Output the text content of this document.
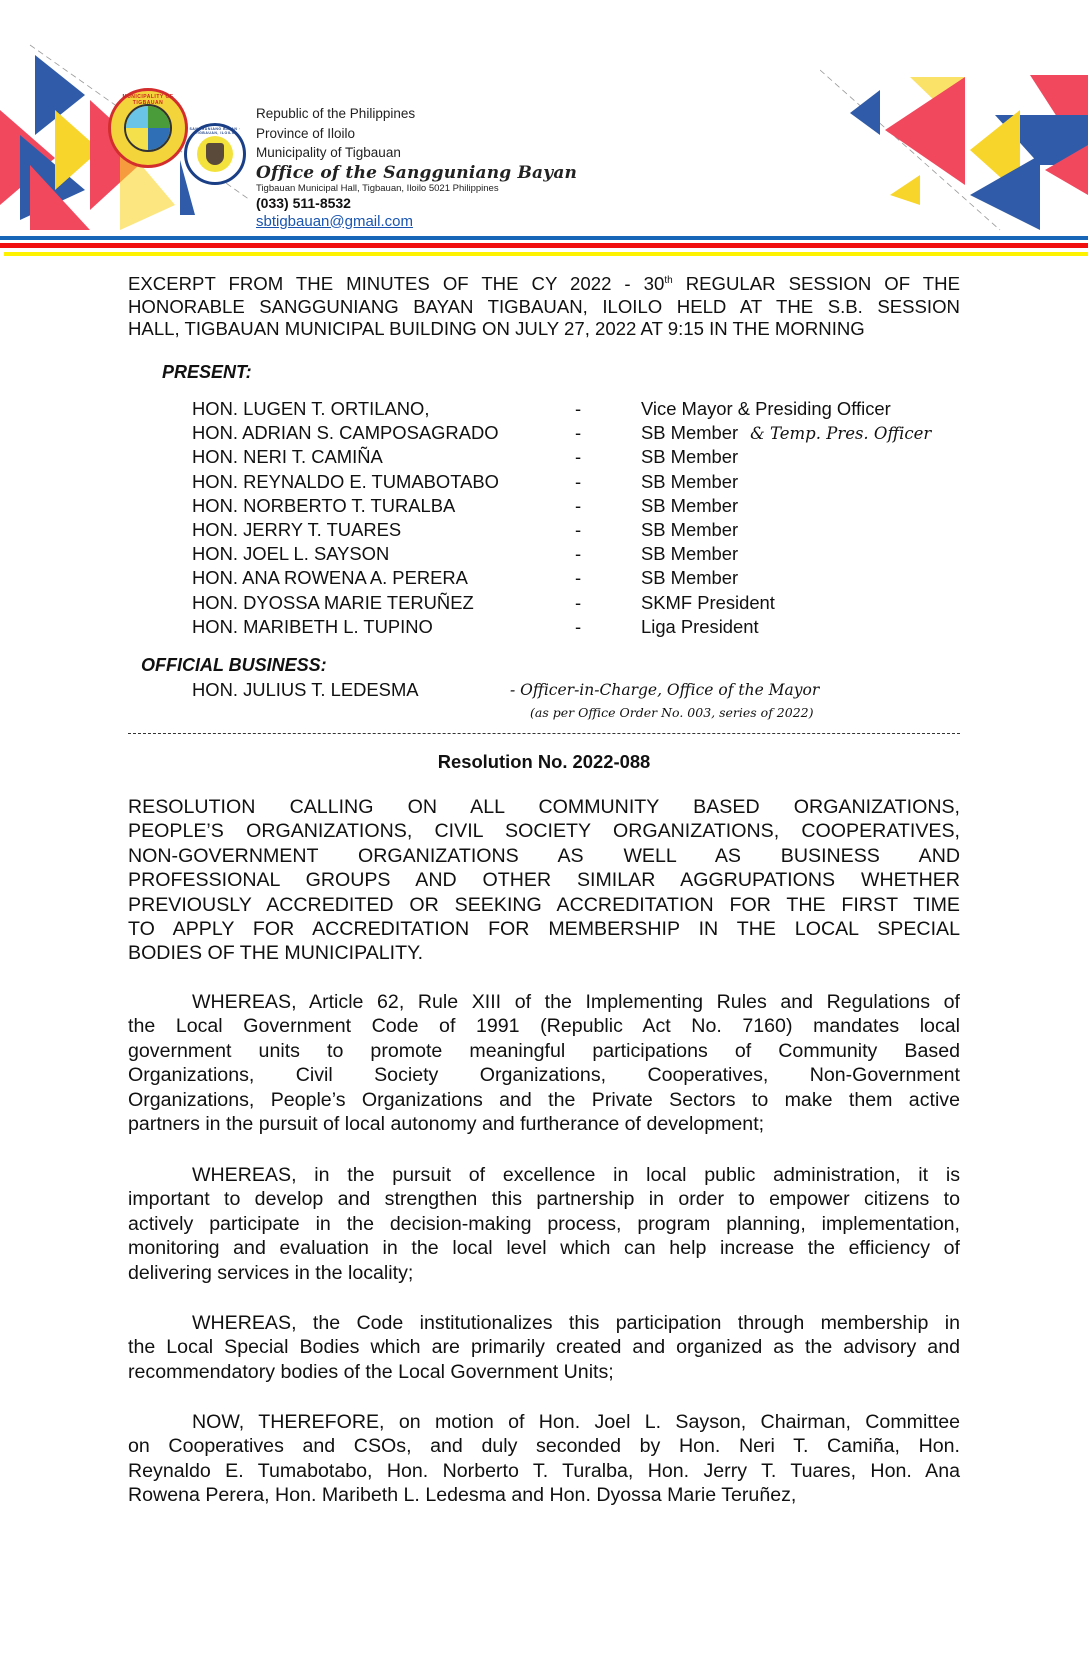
MUNICIPALITY OF TIGBAUAN
SANGGUNIANG BAYAN · TIGBAUAN, ILOILO
Republic of the Philippines
Province of Iloilo
Municipality of Tigbauan
Office of the Sangguniang Bayan
Tigbauan Municipal Hall, Tigbauan, Iloilo 5021 Philippines
(033) 511-8532
sbtigbauan@gmail.com
EXCERPT FROM THE MINUTES OF THE CY 2022 - 30th REGULAR SESSION OF THE
HONORABLE SANGGUNIANG BAYAN TIGBAUAN, ILOILO HELD AT THE S.B. SESSION
HALL, TIGBAUAN MUNICIPAL BUILDING ON JULY 27, 2022 AT 9:15 IN THE MORNING
PRESENT:
HON. LUGEN T. ORTILANO,	-	Vice Mayor & Presiding Officer
HON. ADRIAN S. CAMPOSAGRADO	-	SB Member & Temp. Pres. Officer
HON. NERI T. CAMIÑA	-	SB Member
HON. REYNALDO E. TUMABOTABO	-	SB Member
HON. NORBERTO T. TURALBA	-	SB Member
HON. JERRY T. TUARES	-	SB Member
HON. JOEL L. SAYSON	-	SB Member
HON. ANA ROWENA A. PERERA	-	SB Member
HON. DYOSSA MARIE TERUÑEZ	-	SKMF President
HON. MARIBETH L. TUPINO	-	Liga President
OFFICIAL BUSINESS:
HON. JULIUS T. LEDESMA	- Officer-in-Charge, Office of the Mayor
(as per Office Order No. 003, series of 2022)
Resolution No. 2022-088
RESOLUTION CALLING ON ALL COMMUNITY BASED ORGANIZATIONS,
PEOPLE’S ORGANIZATIONS, CIVIL SOCIETY ORGANIZATIONS, COOPERATIVES,
NON-GOVERNMENT ORGANIZATIONS AS WELL AS BUSINESS AND
PROFESSIONAL GROUPS AND OTHER SIMILAR AGGRUPATIONS WHETHER
PREVIOUSLY ACCREDITED OR SEEKING ACCREDITATION FOR THE FIRST TIME
TO APPLY FOR ACCREDITATION FOR MEMBERSHIP IN THE LOCAL SPECIAL
BODIES OF THE MUNICIPALITY.
WHEREAS, Article 62, Rule XIII of the Implementing Rules and Regulations of
the Local Government Code of 1991 (Republic Act No. 7160) mandates local
government units to promote meaningful participations of Community Based
Organizations, Civil Society Organizations, Cooperatives, Non-Government
Organizations, People’s Organizations and the Private Sectors to make them active
partners in the pursuit of local autonomy and furtherance of development;
WHEREAS, in the pursuit of excellence in local public administration, it is
important to develop and strengthen this partnership in order to empower citizens to
actively participate in the decision-making process, program planning, implementation,
monitoring and evaluation in the local level which can help increase the efficiency of
delivering services in the locality;
WHEREAS, the Code institutionalizes this participation through membership in
the Local Special Bodies which are primarily created and organized as the advisory and
recommendatory bodies of the Local Government Units;
NOW, THEREFORE, on motion of Hon. Joel L. Sayson, Chairman, Committee
on Cooperatives and CSOs, and duly seconded by Hon. Neri T. Camiña, Hon.
Reynaldo E. Tumabotabo, Hon. Norberto T. Turalba, Hon. Jerry T. Tuares, Hon. Ana
Rowena Perera, Hon. Maribeth L. Ledesma and Hon. Dyossa Marie Teruñez,
